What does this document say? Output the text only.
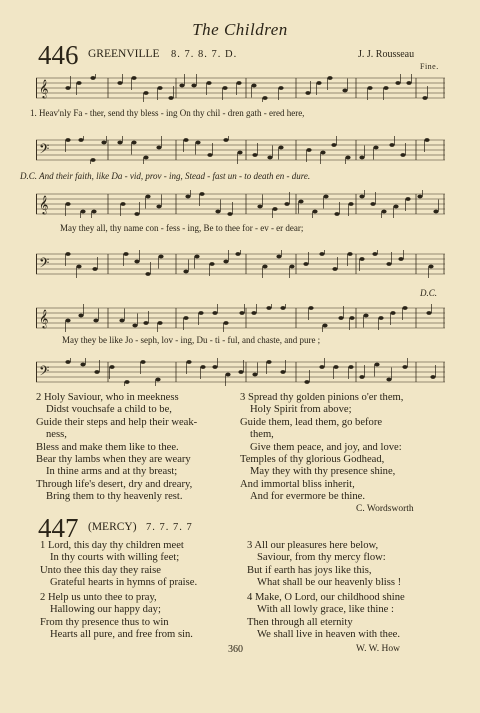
The Children
446 GREENVILLE 8. 7. 8. 7. D.	J. J. Rousseau
Fine.
𝄞
1. Heav'nly Fa - ther, send thy bless - ing On thy chil - dren gath - ered here,
𝄢
D.C. And their faith, like Da - vid, prov - ing, Stead - fast un - to death en - dure.
𝄞
May they all, thy name con - fess - ing, Be to thee for - ev - er dear;
𝄢
D.C.
𝄞
May they be like Jo - seph, lov - ing, Du - ti - ful, and chaste, and pure ;
𝄢
2 Holy Saviour, who in meekness
Didst vouchsafe a child to be,
Guide their steps and help their weak-
ness,
Bless and make them like to thee.
Bear thy lambs when they are weary
In thine arms and at thy breast;
Through life's desert, dry and dreary,
Bring them to thy heavenly rest.
3 Spread thy golden pinions o'er them,
Holy Spirit from above;
Guide them, lead them, go before
them,
Give them peace, and joy, and love:
Temples of thy glorious Godhead,
May they with thy presence shine,
And immortal bliss inherit,
And for evermore be thine.
C. Wordsworth
447 (MERCY) 7. 7. 7. 7
1 Lord, this day thy children meet
In thy courts with willing feet;
Unto thee this day they raise
Grateful hearts in hymns of praise.
2 Help us unto thee to pray,
Hallowing our happy day;
From thy presence thus to win
Hearts all pure, and free from sin.
3 All our pleasures here below,
Saviour, from thy mercy flow:
But if earth has joys like this,
What shall be our heavenly bliss !
4 Make, O Lord, our childhood shine
With all lowly grace, like thine :
Then through all eternity
We shall live in heaven with thee.
W. W. How
360
